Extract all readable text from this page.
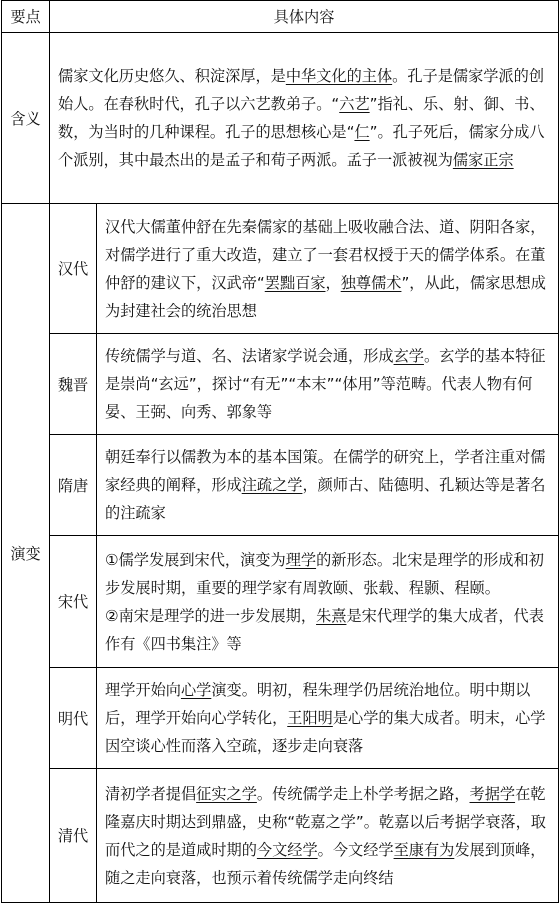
要点	具体内容	
含义	儒家文化历史悠久、积淀深厚，是中华文化的主体。孔子是儒家学派的创始人。在春秋时代，孔子以六艺教弟子。“六艺”指礼、乐、射、御、书、数，为当时的几种课程。孔子的思想核心是“仁”。孔子死后，儒家分成八个派别，其中最杰出的是孟子和荀子两派。孟子一派被视为儒家正宗	
演变	汉代	汉代大儒董仲舒在先秦儒家的基础上吸收融合法、道、阴阳各家，对儒学进行了重大改造，建立了一套君权授于天的儒学体系。在董仲舒的建议下，汉武帝“罢黜百家，独尊儒术”，从此，儒家思想成为封建社会的统治思想
	魏晋	传统儒学与道、名、法诸家学说会通，形成玄学。玄学的基本特征是崇尚“玄远”，探讨“有无”“本末”“体用”等范畴。代表人物有何晏、王弼、向秀、郭象等
	隋唐	朝廷奉行以儒教为本的基本国策。在儒学的研究上，学者注重对儒家经典的阐释，形成注疏之学，颜师古、陆德明、孔颖达等是著名的注疏家
	宋代	①儒学发展到宋代，演变为理学的新形态。北宋是理学的形成和初步发展时期，重要的理学家有周敦颐、张载、程颢、程颐。
②南宋是理学的进一步发展期，朱熹是宋代理学的集大成者，代表作有《四书集注》等
	明代	理学开始向心学演变。明初，程朱理学仍居统治地位。明中期以后，理学开始向心学转化，王阳明是心学的集大成者。明末，心学因空谈心性而落入空疏，逐步走向衰落
	清代	清初学者提倡征实之学。传统儒学走上朴学考据之路，考据学在乾隆嘉庆时期达到鼎盛，史称“乾嘉之学”。乾嘉以后考据学衰落，取而代之的是道咸时期的今文经学。今文经学至康有为发展到顶峰，随之走向衰落，也预示着传统儒学走向终结
